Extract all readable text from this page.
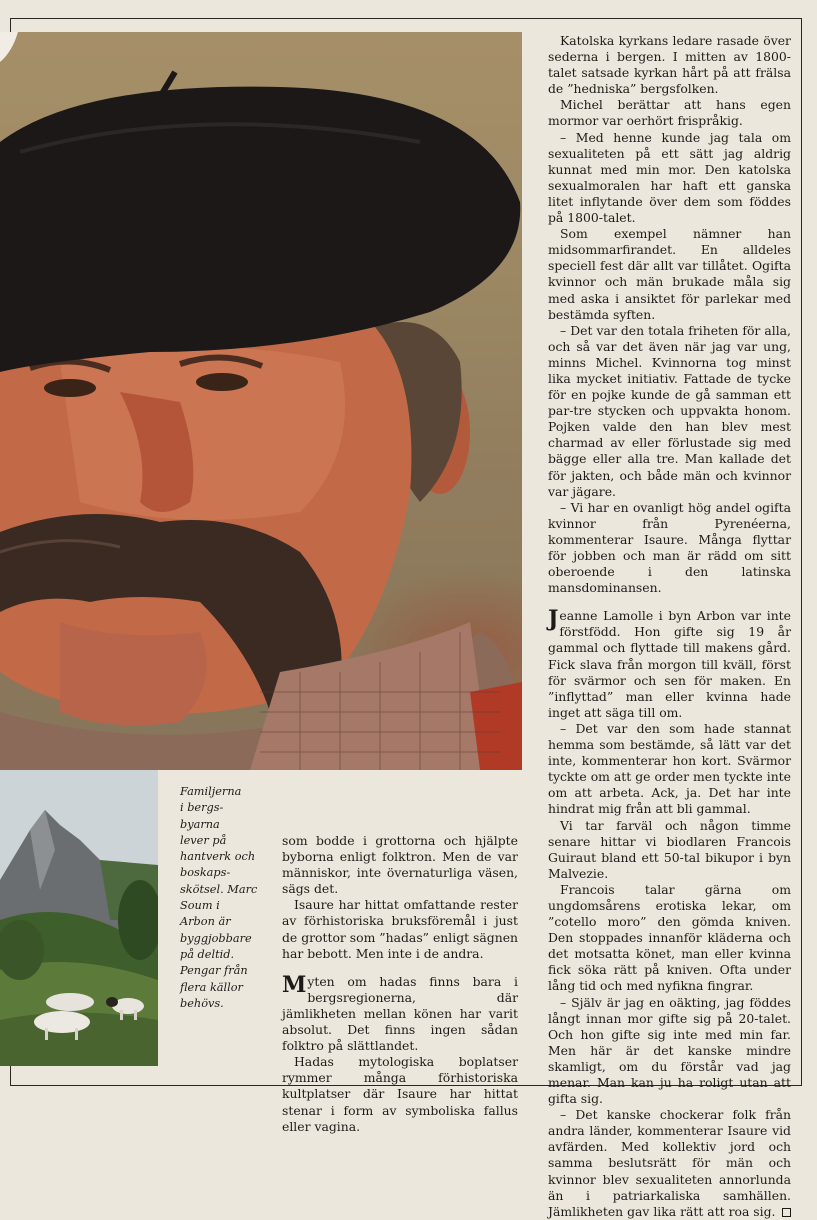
Familjerna
i bergs-
byarna
lever på
hantverk och
boskaps-
skötsel. Marc
Soum i
Arbon är
byggjobbare
på deltid.
Pengar från
flera källor
behövs.

Katolska kyrkans ledare rasade över sederna i bergen. I mitten av 1800-talet satsade kyrkan hårt på att frälsa de ”hedniska” bergsfolken.

Michel berättar att hans egen mormor var oerhört frispråkig.

– Med henne kunde jag tala om sexualiteten på ett sätt jag aldrig kunnat med min mor. Den katolska sexualmoralen har haft ett ganska litet inflytande över dem som föddes på 1800-talet.

Som exempel nämner han midsommarfirandet. En alldeles speciell fest där allt var tillåtet. Ogifta kvinnor och män brukade måla sig med aska i ansiktet för parlekar med bestämda syften.

– Det var den totala friheten för alla, och så var det även när jag var ung, minns Michel. Kvinnorna tog minst lika mycket initiativ. Fattade de tycke för en pojke kunde de gå samman ett par-tre stycken och uppvakta honom. Pojken valde den han blev mest charmad av eller förlustade sig med bägge eller alla tre. Man kallade det för jakten, och både män och kvinnor var jägare.

– Vi har en ovanligt hög andel ogifta kvinnor från Pyrenéerna, kommenterar Isaure. Många flyttar för jobben och man är rädd om sitt oberoende i den latinska mansdominansen.

Jeanne Lamolle i byn Arbon var inte förstfödd. Hon gifte sig 19 år gammal och flyttade till makens gård. Fick slava från morgon till kväll, först för svärmor och sen för maken. En ”inflyttad” man eller kvinna hade inget att säga till om.

– Det var den som hade stannat hemma som bestämde, så lätt var det inte, kommenterar hon kort. Svärmor tyckte om att ge order men tyckte inte om att arbeta. Ack, ja. Det har inte hindrat mig från att bli gammal.

Vi tar farväl och någon timme senare hittar vi biodlaren Francois Guiraut bland ett 50-tal bikupor i byn Malvezie.

Francois talar gärna om ungdomsårens erotiska lekar, om ”cotello moro” den gömda kniven. Den stoppades innanför kläderna och det motsatta könet, man eller kvinna fick söka rätt på kniven. Ofta under lång tid och med nyfikna fingrar.

– Själv är jag en oäkting, jag föddes långt innan mor gifte sig på 20-talet. Och hon gifte sig inte med min far. Men här är det kanske mindre skamligt, om du förstår vad jag menar. Man kan ju ha roligt utan att gifta sig.

– Det kanske chockerar folk från andra länder, kommenterar Isaure vid avfärden. Med kollektiv jord och samma beslutsrätt för män och kvinnor blev sexualiteten annorlunda än i patriarkaliska samhällen. Jämlikheten gav lika rätt att roa sig.

som bodde i grottorna och hjälpte byborna enligt folktron. Men de var människor, inte övernaturliga väsen, sägs det.

Isaure har hittat omfattande rester av förhistoriska bruksföremål i just de grottor som ”hadas” enligt sägnen har bebott. Men inte i de andra.

Myten om hadas finns bara i bergsregionerna, där jämlikheten mellan könen har varit absolut. Det finns ingen sådan folktro på slättlandet.

Hadas mytologiska boplatser rymmer många förhistoriska kultplatser där Isaure har hittat stenar i form av symboliska fallus eller vagina.
